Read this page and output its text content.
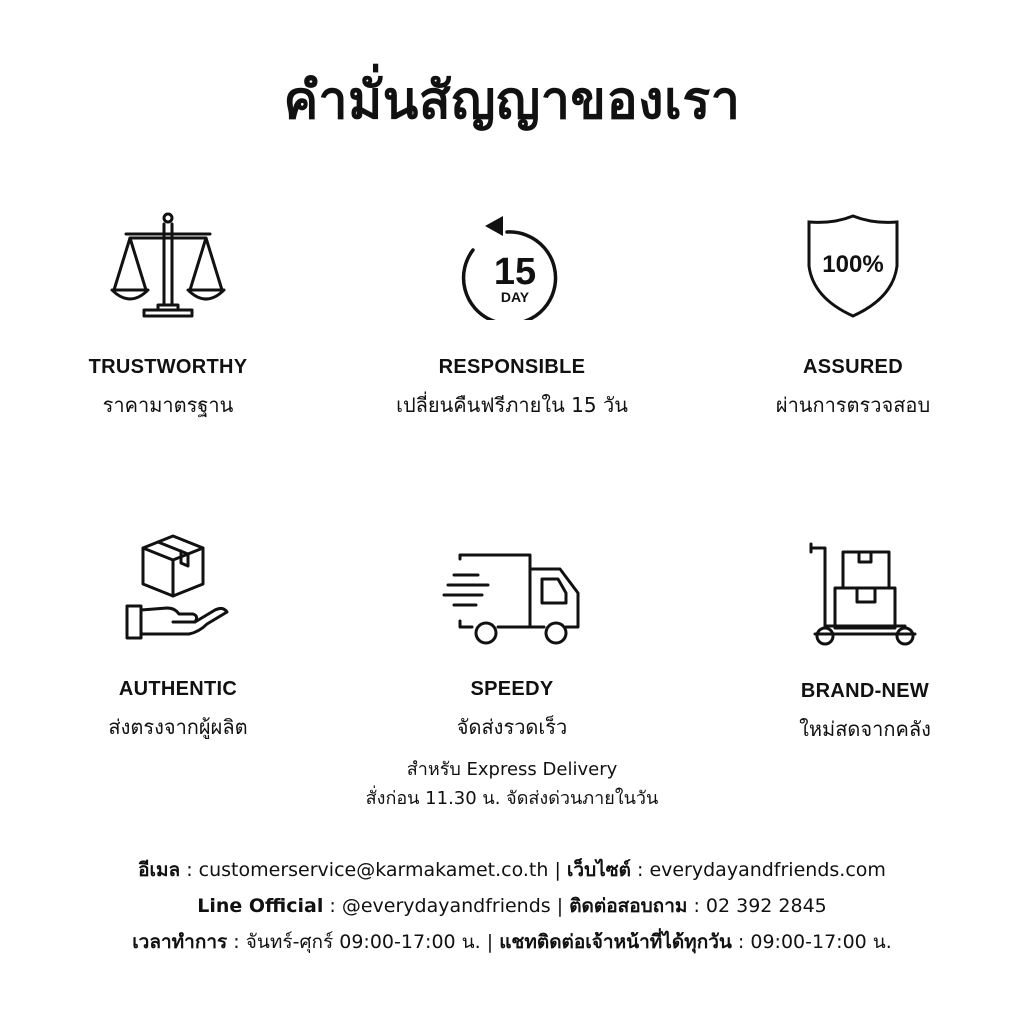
คำมั่นสัญญาของเรา
TRUSTWORTHY
ราคามาตรฐาน
15
DAY
RESPONSIBLE
เปลี่ยนคืนฟรีภายใน 15 วัน
100%
ASSURED
ผ่านการตรวจสอบ
AUTHENTIC
ส่งตรงจากผู้ผลิต
SPEEDY
จัดส่งรวดเร็ว
สำหรับ Express Delivery
สั่งก่อน 11.30 น. จัดส่งด่วนภายในวัน
BRAND-NEW
ใหม่สดจากคลัง
อีเมล : customerservice@karmakamet.co.th | เว็บไซต์ : everydayandfriends.com
Line Official : @everydayandfriends | ติดต่อสอบถาม : 02 392 2845
เวลาทำการ : จันทร์-ศุกร์ 09:00-17:00 น. | แชทติดต่อเจ้าหน้าที่ได้ทุกวัน : 09:00-17:00 น.
